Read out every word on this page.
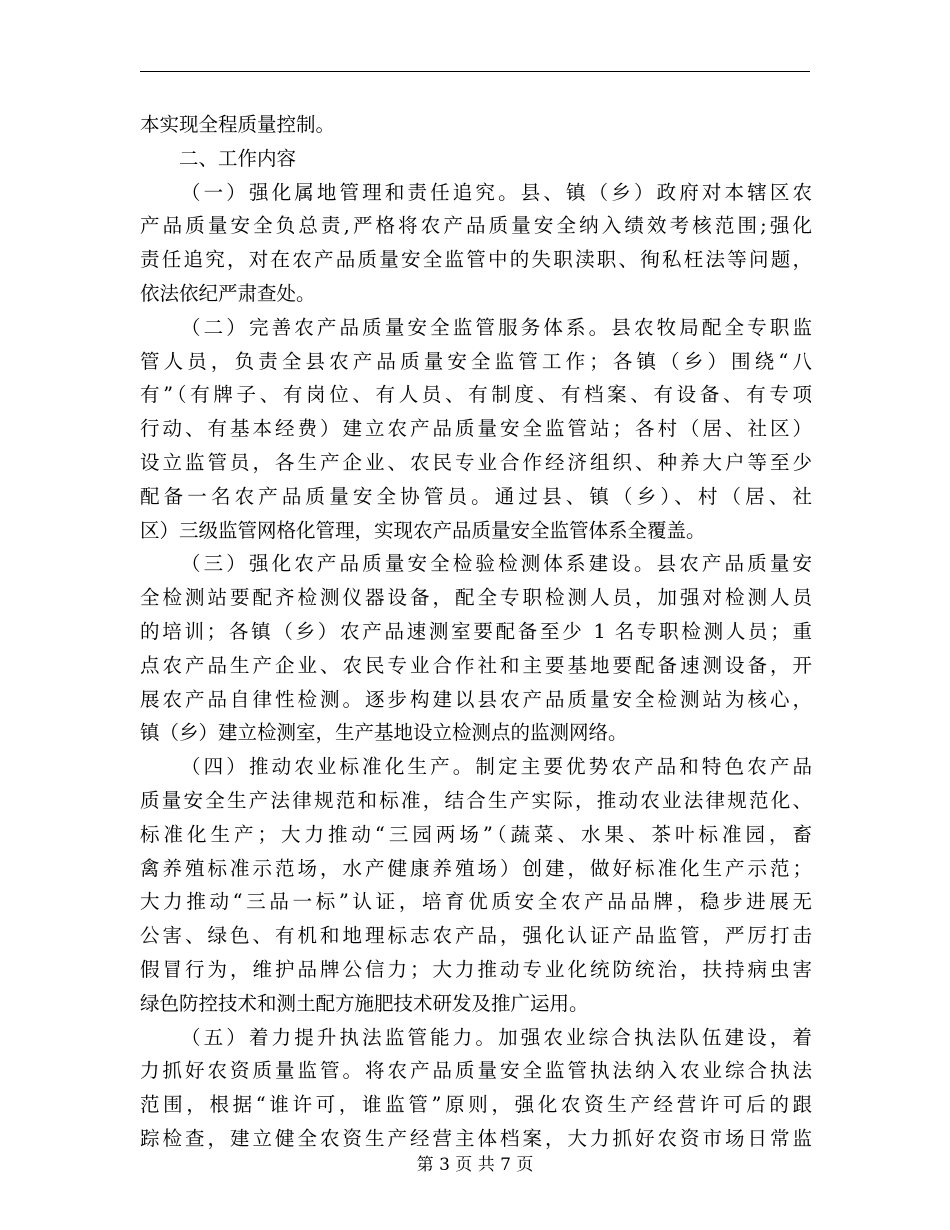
本实现全程质量控制。
二、工作内容
（一）强化属地管理和责任追究。县、镇（乡）政府对本辖区农
产品质量安全负总责,严格将农产品质量安全纳入绩效考核范围;强化
责任追究，对在农产品质量安全监管中的失职渎职、徇私枉法等问题，
依法依纪严肃查处。
（二）完善农产品质量安全监管服务体系。县农牧局配全专职监
管人员，负责全县农产品质量安全监管工作；各镇（乡）围绕“八
有”（有牌子、有岗位、有人员、有制度、有档案、有设备、有专项
行动、有基本经费）建立农产品质量安全监管站；各村（居、社区）
设立监管员，各生产企业、农民专业合作经济组织、种养大户等至少
配备一名农产品质量安全协管员。通过县、镇（乡）、村（居、社
区）三级监管网格化管理，实现农产品质量安全监管体系全覆盖。
（三）强化农产品质量安全检验检测体系建设。县农产品质量安
全检测站要配齐检测仪器设备，配全专职检测人员，加强对检测人员
的培训；各镇（乡）农产品速测室要配备至少 1 名专职检测人员；重
点农产品生产企业、农民专业合作社和主要基地要配备速测设备，开
展农产品自律性检测。逐步构建以县农产品质量安全检测站为核心，
镇（乡）建立检测室，生产基地设立检测点的监测网络。
（四）推动农业标准化生产。制定主要优势农产品和特色农产品
质量安全生产法律规范和标准，结合生产实际，推动农业法律规范化、
标准化生产；大力推动“三园两场”（蔬菜、水果、茶叶标准园，畜
禽养殖标准示范场，水产健康养殖场）创建，做好标准化生产示范；
大力推动“三品一标”认证，培育优质安全农产品品牌，稳步进展无
公害、绿色、有机和地理标志农产品，强化认证产品监管，严厉打击
假冒行为，维护品牌公信力；大力推动专业化统防统治，扶持病虫害
绿色防控技术和测土配方施肥技术研发及推广运用。
（五）着力提升执法监管能力。加强农业综合执法队伍建设，着
力抓好农资质量监管。将农产品质量安全监管执法纳入农业综合执法
范围，根据“谁许可，谁监管”原则，强化农资生产经营许可后的跟
踪检查，建立健全农资生产经营主体档案，大力抓好农资市场日常监
第 3 页 共 7 页
